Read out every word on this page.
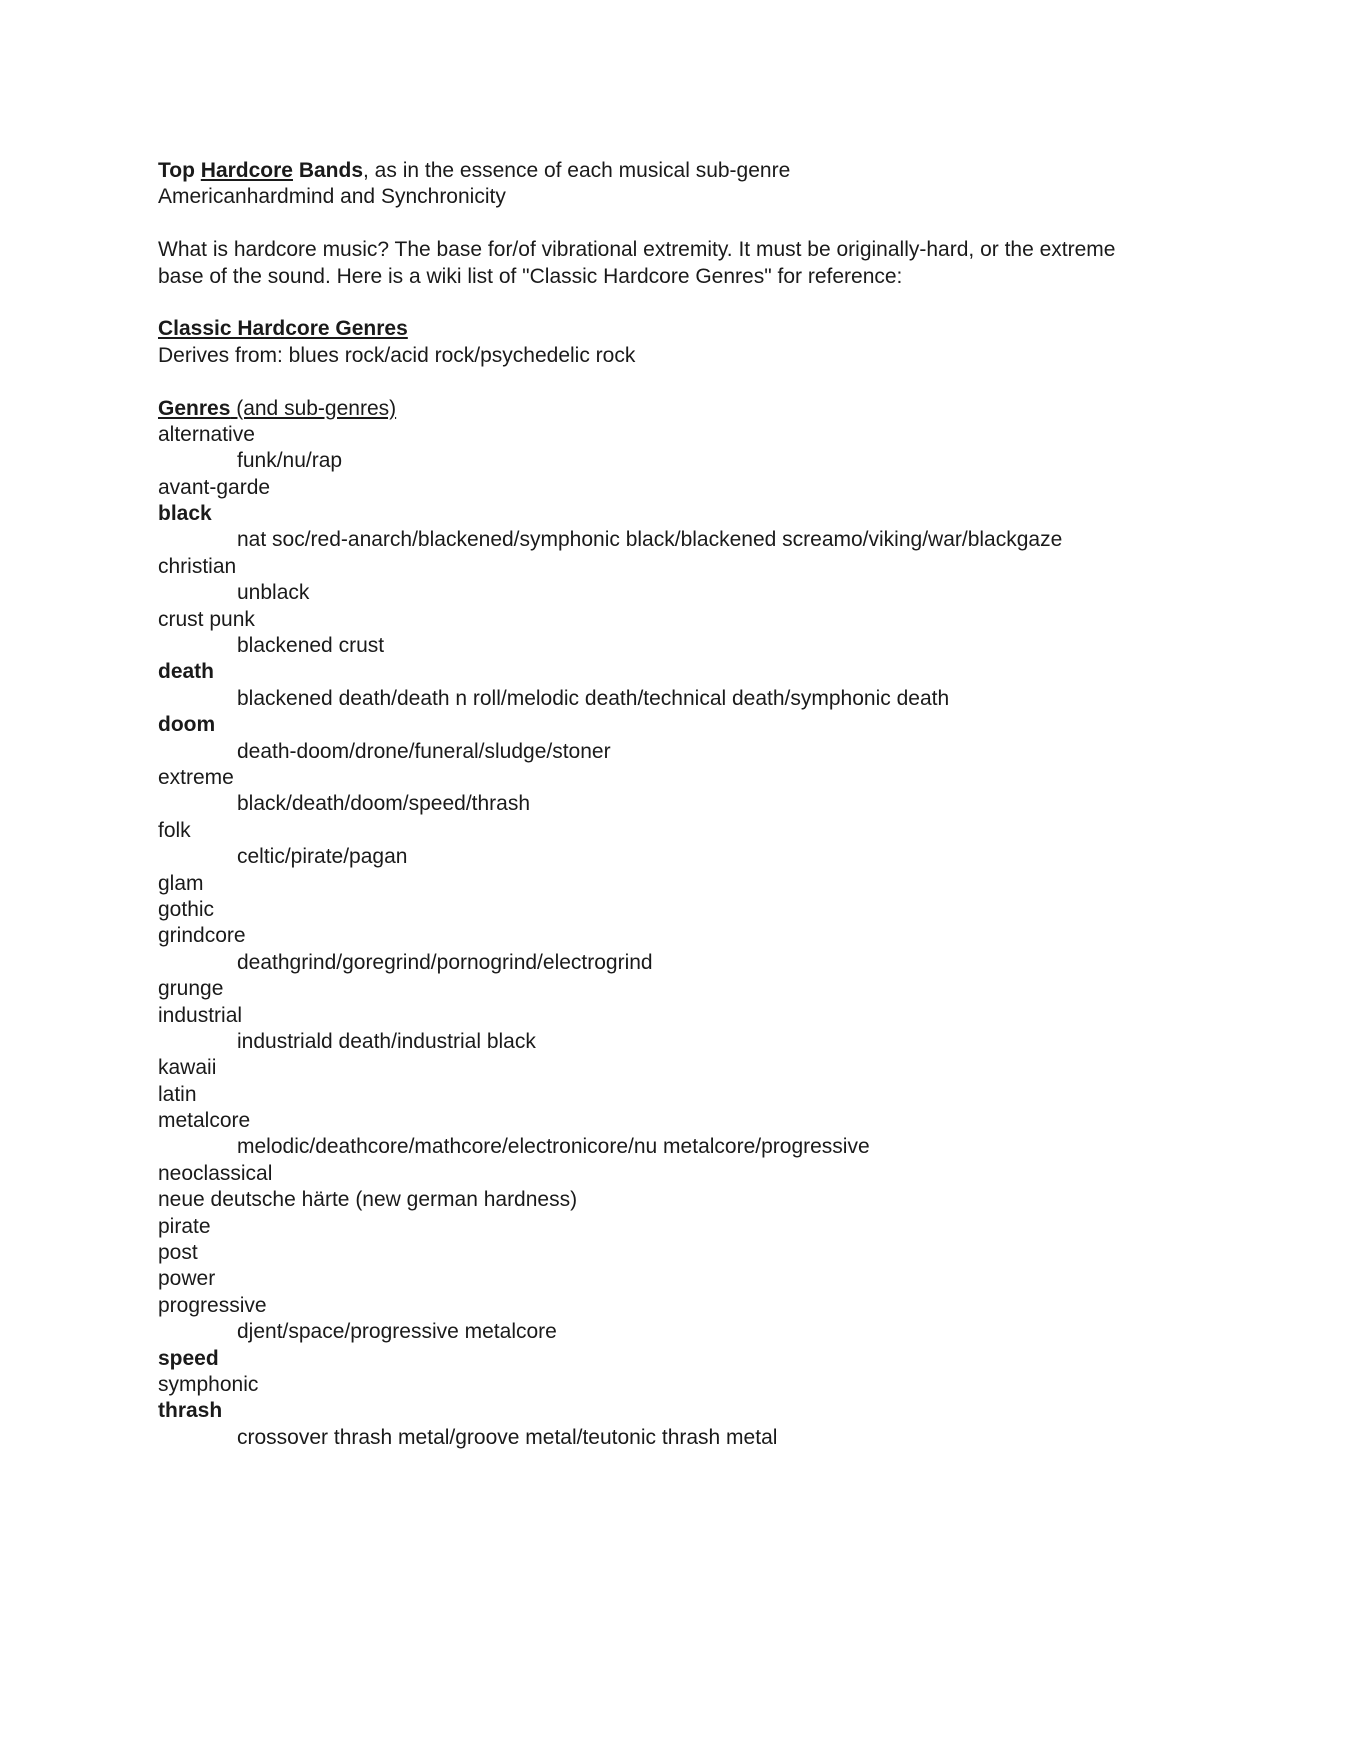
Top Hardcore Bands, as in the essence of each musical sub-genre
Americanhardmind and Synchronicity
What is hardcore music? The base for/of vibrational extremity. It must be originally-hard, or the extreme
base of the sound. Here is a wiki list of "Classic Hardcore Genres" for reference:
Classic Hardcore Genres
Derives from: blues rock/acid rock/psychedelic rock
Genres (and sub-genres)
alternative
funk/nu/rap
avant-garde
black
nat soc/red-anarch/blackened/symphonic black/blackened screamo/viking/war/blackgaze
christian
unblack
crust punk
blackened crust
death
blackened death/death n roll/melodic death/technical death/symphonic death
doom
death-doom/drone/funeral/sludge/stoner
extreme
black/death/doom/speed/thrash
folk
celtic/pirate/pagan
glam
gothic
grindcore
deathgrind/goregrind/pornogrind/electrogrind
grunge
industrial
industriald death/industrial black
kawaii
latin
metalcore
melodic/deathcore/mathcore/electronicore/nu metalcore/progressive
neoclassical
neue deutsche härte (new german hardness)
pirate
post
power
progressive
djent/space/progressive metalcore
speed
symphonic
thrash
crossover thrash metal/groove metal/teutonic thrash metal
